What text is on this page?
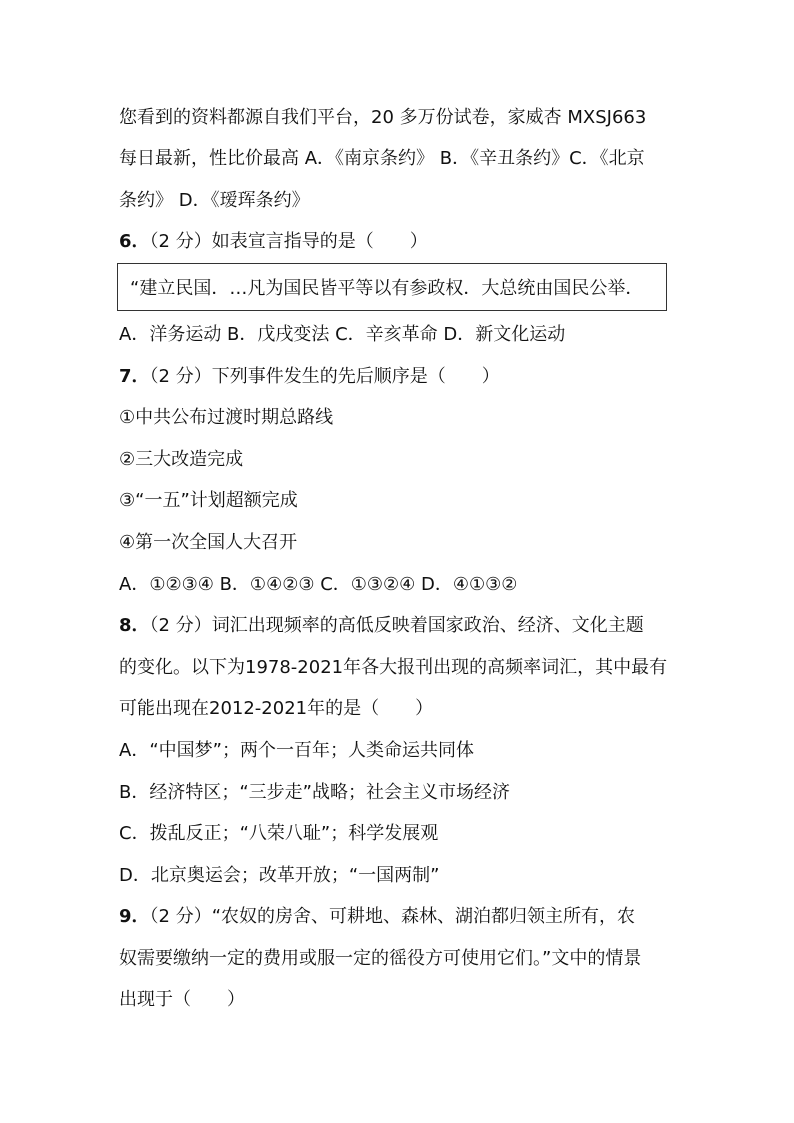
您看到的资料都源自我们平台，20 多万份试卷，家威杏 MXSJ663
每日最新，性比价最高 A．《南京条约》 B．《辛丑条约》C．《北京
条约》 D．《瑷珲条约》
6．（2 分）如表宣言指导的是（　　）
“建立民国．…凡为国民皆平等以有参政权．大总统由国民公举．
A．洋务运动 B．戊戌变法 C．辛亥革命 D．新文化运动
7．（2 分）下列事件发生的先后顺序是（　　）
①中共公布过渡时期总路线
②三大改造完成
③“一五”计划超额完成
④第一次全国人大召开
A．①②③④ B．①④②③ C．①③②④ D．④①③②
8．（2 分）词汇出现频率的高低反映着国家政治、经济、文化主题
的变化。以下为1978-2021年各大报刊出现的高频率词汇，其中最有
可能出现在2012-2021年的是（　　）
A．“中国梦”；两个一百年；人类命运共同体
B．经济特区；“三步走”战略；社会主义市场经济
C．拨乱反正；“八荣八耻”；科学发展观
D．北京奥运会；改革开放；“一国两制”
9．（2 分）“农奴的房舍、可耕地、森林、湖泊都归领主所有，农
奴需要缴纳一定的费用或服一定的徭役方可使用它们。”文中的情景
出现于（　　）
